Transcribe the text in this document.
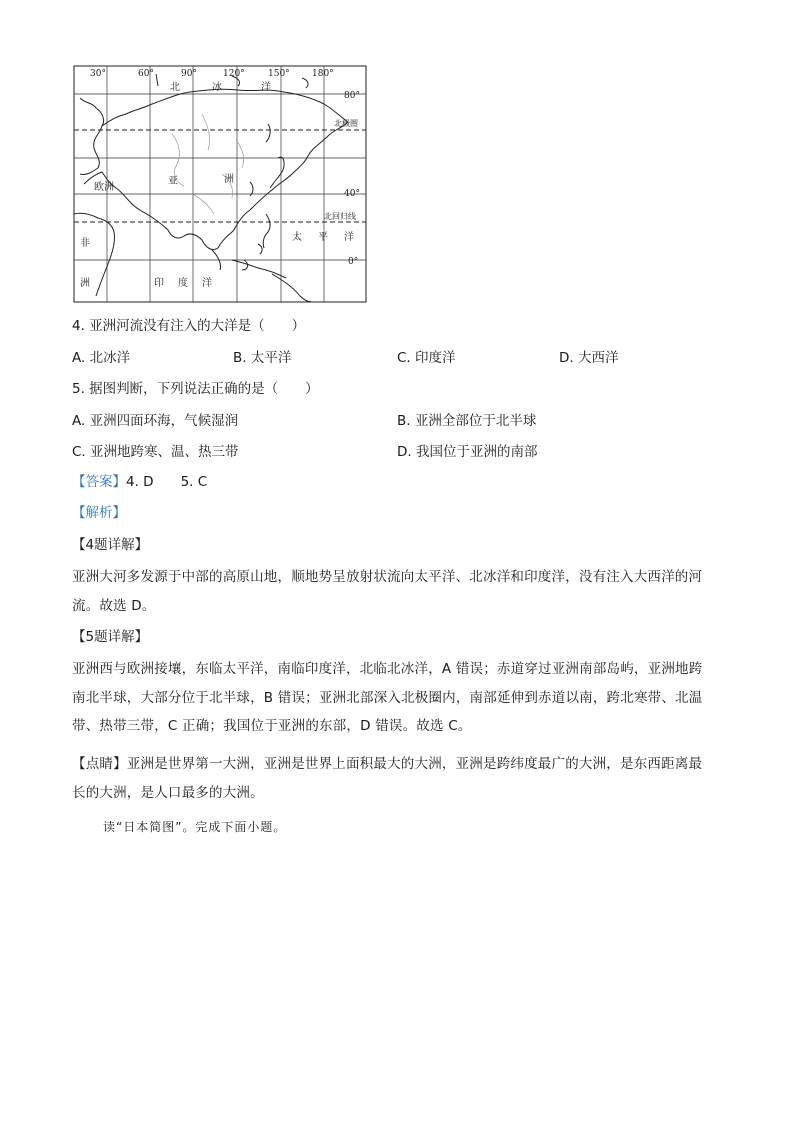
30°	60°	90°	120°	150° 180°
80°
40°
0°
北极圈
北回归线
北	冰	洋
欧洲
亚	洲
非
洲
太 平 洋
印 度 洋
4. 亚洲河流没有注入的大洋是（　　）
A. 北冰洋	B. 太平洋	C. 印度洋	D. 大西洋
5. 据图判断，下列说法正确的是（　　）
A. 亚洲四面环海，气候湿润	B. 亚洲全部位于北半球
C. 亚洲地跨寒、温、热三带	D. 我国位于亚洲的南部
【答案】4. D　　5. C
【解析】
【4题详解】
亚洲大河多发源于中部的高原山地，顺地势呈放射状流向太平洋、北冰洋和印度洋，没有注入大西洋的河
流。故选 D。
【5题详解】
亚洲西与欧洲接壤，东临太平洋，南临印度洋，北临北冰洋，A 错误；赤道穿过亚洲南部岛屿，亚洲地跨
南北半球，大部分位于北半球，B 错误；亚洲北部深入北极圈内，南部延伸到赤道以南，跨北寒带、北温
带、热带三带，C 正确；我国位于亚洲的东部，D 错误。故选 C。
【点睛】亚洲是世界第一大洲，亚洲是世界上面积最大的大洲，亚洲是跨纬度最广的大洲，是东西距离最
长的大洲，是人口最多的大洲。
读“日本简图”。完成下面小题。
